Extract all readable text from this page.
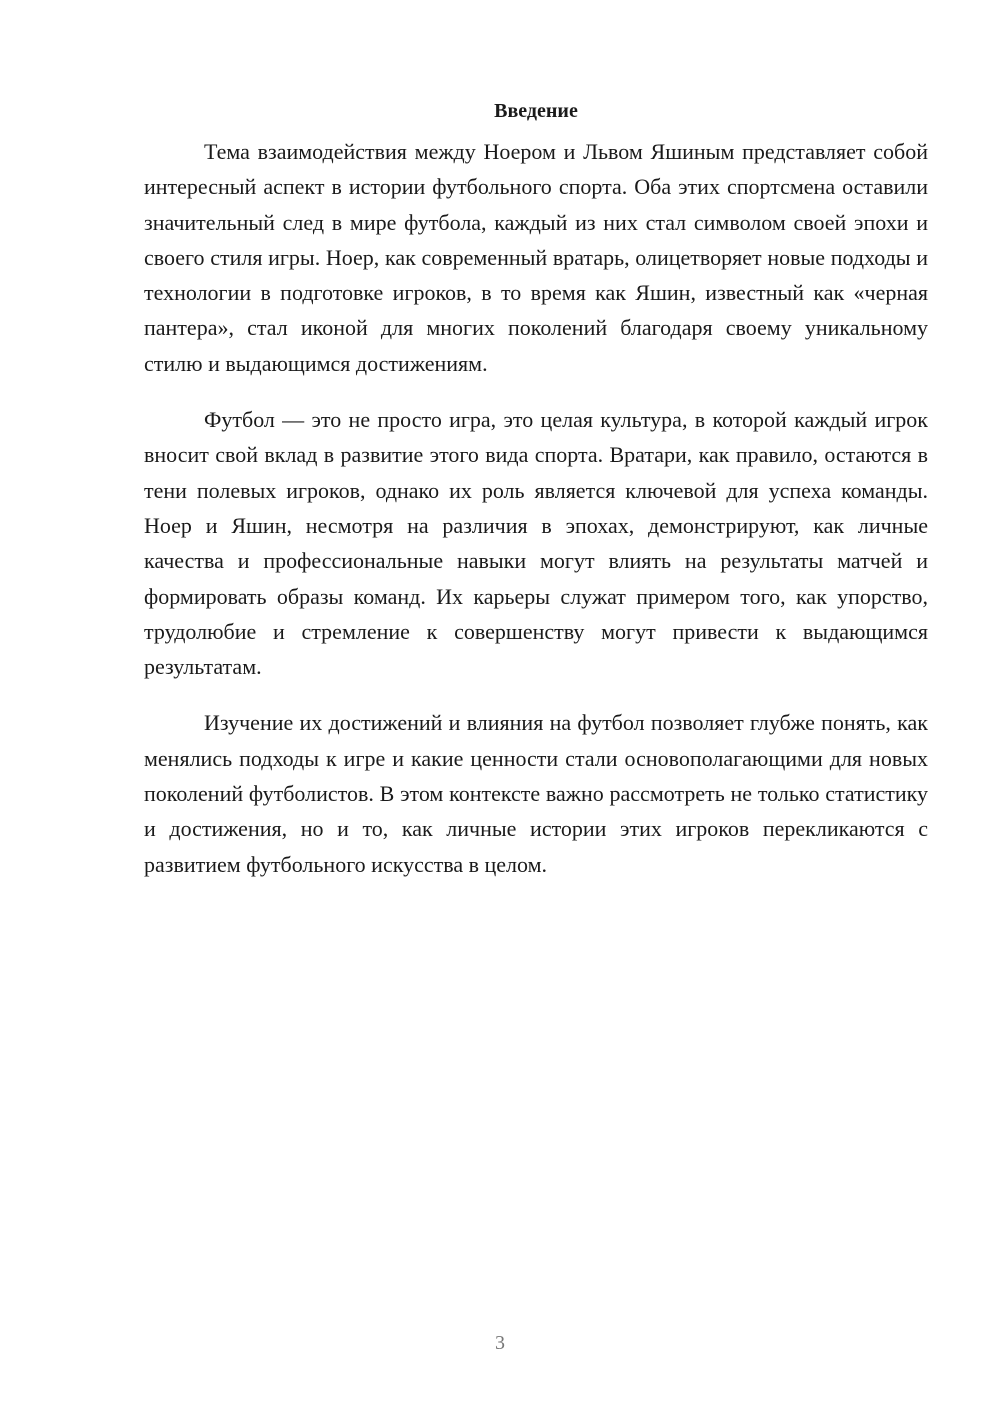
Введение

Тема взаимодействия между Ноером и Львом Яшиным представляет собой интересный аспект в истории футбольного спорта. Оба этих спортсмена оставили значительный след в мире футбола, каждый из них стал символом своей эпохи и своего стиля игры. Ноер, как современный вратарь, олицетворяет новые подходы и технологии в подготовке игроков, в то время как Яшин, известный как «черная пантера», стал иконой для многих поколений благодаря своему уникальному стилю и выдающимся достижениям.

Футбол — это не просто игра, это целая культура, в которой каждый игрок вносит свой вклад в развитие этого вида спорта. Вратари, как правило, остаются в тени полевых игроков, однако их роль является ключевой для успеха команды. Ноер и Яшин, несмотря на различия в эпохах, демонстрируют, как личные качества и профессиональные навыки могут влиять на результаты матчей и формировать образы команд. Их карьеры служат примером того, как упорство, трудолюбие и стремление к совершенству могут привести к выдающимся результатам.

Изучение их достижений и влияния на футбол позволяет глубже понять, как менялись подходы к игре и какие ценности стали основополагающими для новых поколений футболистов. В этом контексте важно рассмотреть не только статистику и достижения, но и то, как личные истории этих игроков перекликаются с развитием футбольного искусства в целом.

3
